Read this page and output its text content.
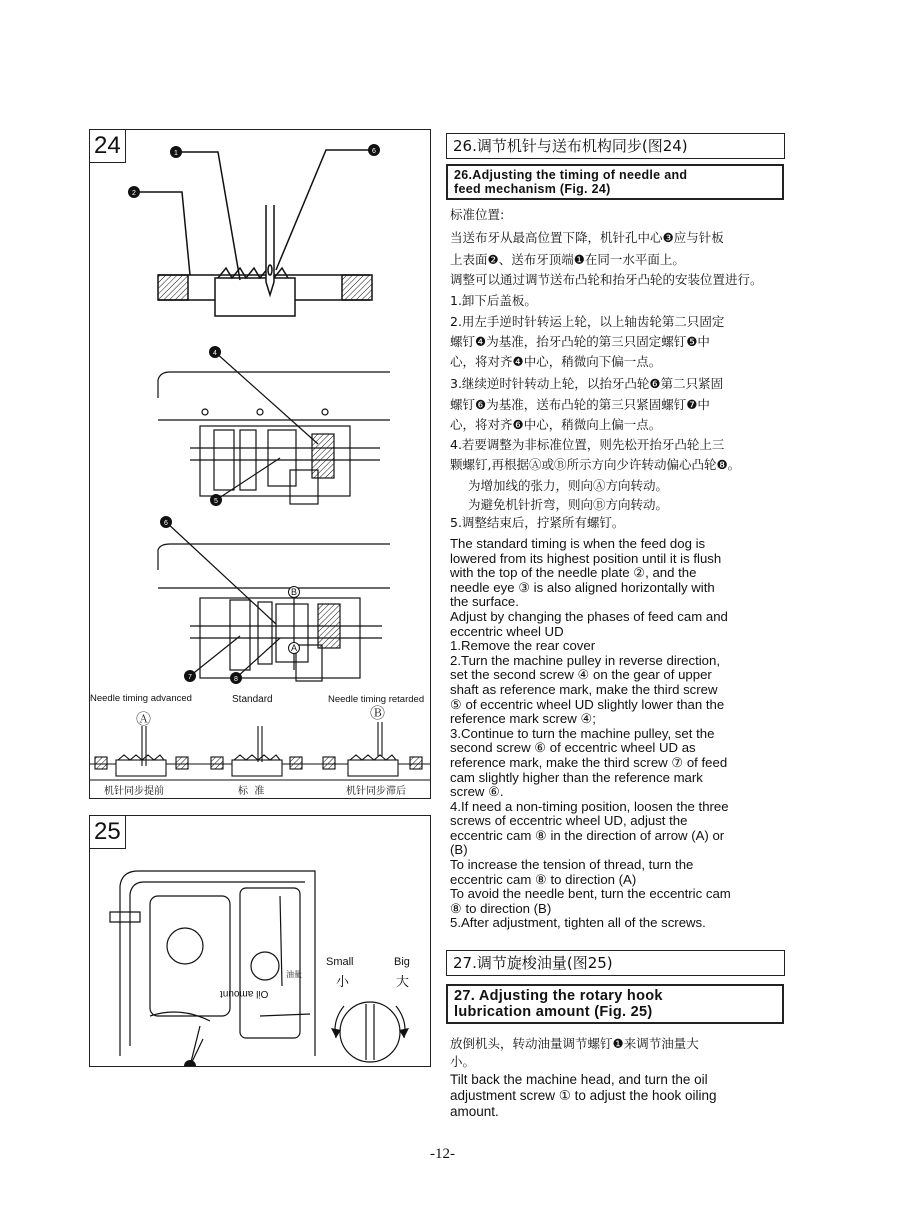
24	1	6
2
4
5
6
7	8
B
A
Needle timing advanced	Standard	Needle timing retarded
Ⓐ	Ⓑ
机针同步提前	标  准	机针同步滞后
25
Small
小
Big
大
油量
Oil amount
26.调节机针与送布机构同步(图24)
26.Adjusting the timing of needle and
feed mechanism (Fig. 24)
标准位置:
当送布牙从最高位置下降，机针孔中心❸应与针板
上表面❷、送布牙顶端❶在同一水平面上。
调整可以通过调节送布凸轮和抬牙凸轮的安装位置进行。
1.卸下后盖板。
2.用左手逆时针转运上轮，以上轴齿轮第二只固定
螺钉❹为基准，抬牙凸轮的第三只固定螺钉❺中
心，将对齐❹中心，稍微向下偏一点。
3.继续逆时针转动上轮，以抬牙凸轮❻第二只紧固
螺钉❻为基准，送布凸轮的第三只紧固螺钉❼中
心，将对齐❻中心，稍微向上偏一点。
4.若要调整为非标准位置，则先松开抬牙凸轮上三
颗螺钉,再根据Ⓐ或Ⓑ所示方向少许转动偏心凸轮❽。
为增加线的张力，则向Ⓐ方向转动。
为避免机针折弯，则向Ⓑ方向转动。
5.调整结束后，拧紧所有螺钉。
The standard timing is when the feed dog is
lowered from its highest position until it is flush
with the top of the needle plate ②, and the
needle eye ③ is also aligned horizontally with
the surface.
Adjust by changing the phases of feed cam and
eccentric wheel UD
1.Remove the rear cover
2.Turn the machine pulley in reverse direction,
set the second screw ④ on the gear of upper
shaft as reference mark, make the third screw
⑤ of eccentric wheel UD slightly lower than the
reference mark screw ④;
3.Continue to turn the machine pulley, set the
second screw ⑥ of eccentric wheel UD as
reference mark, make the third screw ⑦ of feed
cam slightly higher than the reference mark
screw ⑥.
4.If need a non-timing position, loosen the three
screws of eccentric wheel UD, adjust the
eccentric cam ⑧ in the direction of arrow (A) or
(B)
To increase the tension of thread, turn the
eccentric cam ⑧ to direction (A)
To avoid the needle bent, turn the eccentric cam
⑧ to direction (B)
5.After adjustment, tighten all of the screws.
27.调节旋梭油量(图25)
27. Adjusting the rotary hook
lubrication amount (Fig. 25)
放倒机头，转动油量调节螺钉❶来调节油量大
小。
Tilt back the machine head, and turn the oil
adjustment screw ① to adjust the hook oiling
amount.
-12-
